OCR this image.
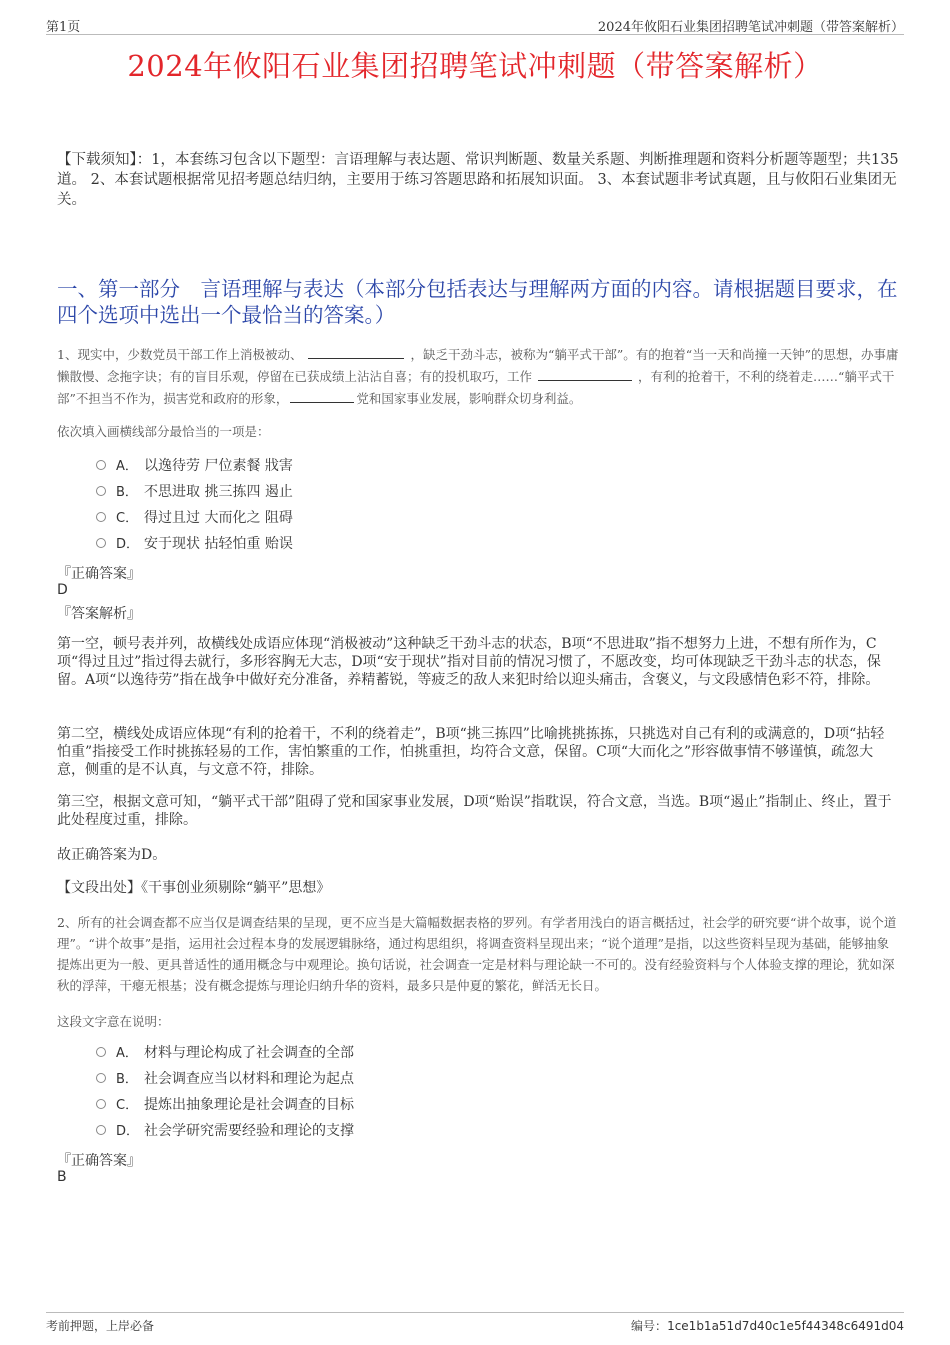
第1页	2024年攸阳石业集团招聘笔试冲刺题（带答案解析）
2024年攸阳石业集团招聘笔试冲刺题（带答案解析）
【下载须知】：1，本套练习包含以下题型：言语理解与表达题、常识判断题、数量关系题、判断推理题和资料分析题等题型；共135道。 2、本套试题根据常见招考题总结归纳，主要用于练习答题思路和拓展知识面。 3、本套试题非考试真题，且与攸阳石业集团无关。
一、第一部分　言语理解与表达（本部分包括表达与理解两方面的内容。请根据题目要求，在四个选项中选出一个最恰当的答案。）
1、现实中，少数党员干部工作上消极被动、	，缺乏干劲斗志，被称为“躺平式干部”。有的抱着“当一天和尚撞一天钟”的思想，办事庸懒散慢、念拖字诀；有的盲目乐观，停留在已获成绩上沾沾自喜；有的投机取巧，工作	，有利的抢着干，不利的绕着走……“躺平式干部”不担当不作为，损害党和政府的形象，	党和国家事业发展，影响群众切身利益。
依次填入画横线部分最恰当的一项是：
A． 以逸待劳 尸位素餐 戕害
B． 不思进取 挑三拣四 遏止
C． 得过且过 大而化之 阻碍
D． 安于现状 拈轻怕重 贻误
『正确答案』
D
『答案解析』
第一空，顿号表并列，故横线处成语应体现“消极被动”这种缺乏干劲斗志的状态，B项“不思进取”指不想努力上进，不想有所作为，C项“得过且过”指过得去就行，多形容胸无大志，D项“安于现状”指对目前的情况习惯了，不愿改变，均可体现缺乏干劲斗志的状态，保留。A项“以逸待劳”指在战争中做好充分准备，养精蓄锐，等疲乏的敌人来犯时给以迎头痛击，含褒义，与文段感情色彩不符，排除。
第二空，横线处成语应体现“有利的抢着干，不利的绕着走”，B项“挑三拣四”比喻挑挑拣拣，只挑选对自己有利的或满意的，D项“拈轻怕重”指接受工作时挑拣轻易的工作，害怕繁重的工作，怕挑重担，均符合文意，保留。C项“大而化之”形容做事情不够谨慎，疏忽大意，侧重的是不认真，与文意不符，排除。
第三空，根据文意可知，“躺平式干部”阻碍了党和国家事业发展，D项“贻误”指耽误，符合文意，当选。B项“遏止”指制止、终止，置于此处程度过重，排除。
故正确答案为D。
【文段出处】《干事创业须剔除“躺平”思想》
2、所有的社会调查都不应当仅是调查结果的呈现，更不应当是大篇幅数据表格的罗列。有学者用浅白的语言概括过，社会学的研究要“讲个故事，说个道理”。“讲个故事”是指，运用社会过程本身的发展逻辑脉络，通过构思组织，将调查资料呈现出来；“说个道理”是指，以这些资料呈现为基础，能够抽象提炼出更为一般、更具普适性的通用概念与中观理论。换句话说，社会调查一定是材料与理论缺一不可的。没有经验资料与个人体验支撑的理论，犹如深秋的浮萍，干瘪无根基；没有概念提炼与理论归纳升华的资料，最多只是仲夏的繁花，鲜活无长日。
这段文字意在说明：
A． 材料与理论构成了社会调查的全部
B． 社会调查应当以材料和理论为起点
C． 提炼出抽象理论是社会调查的目标
D． 社会学研究需要经验和理论的支撑
『正确答案』
B
考前押题，上岸必备	编号：1ce1b1a51d7d40c1e5f44348c6491d04
